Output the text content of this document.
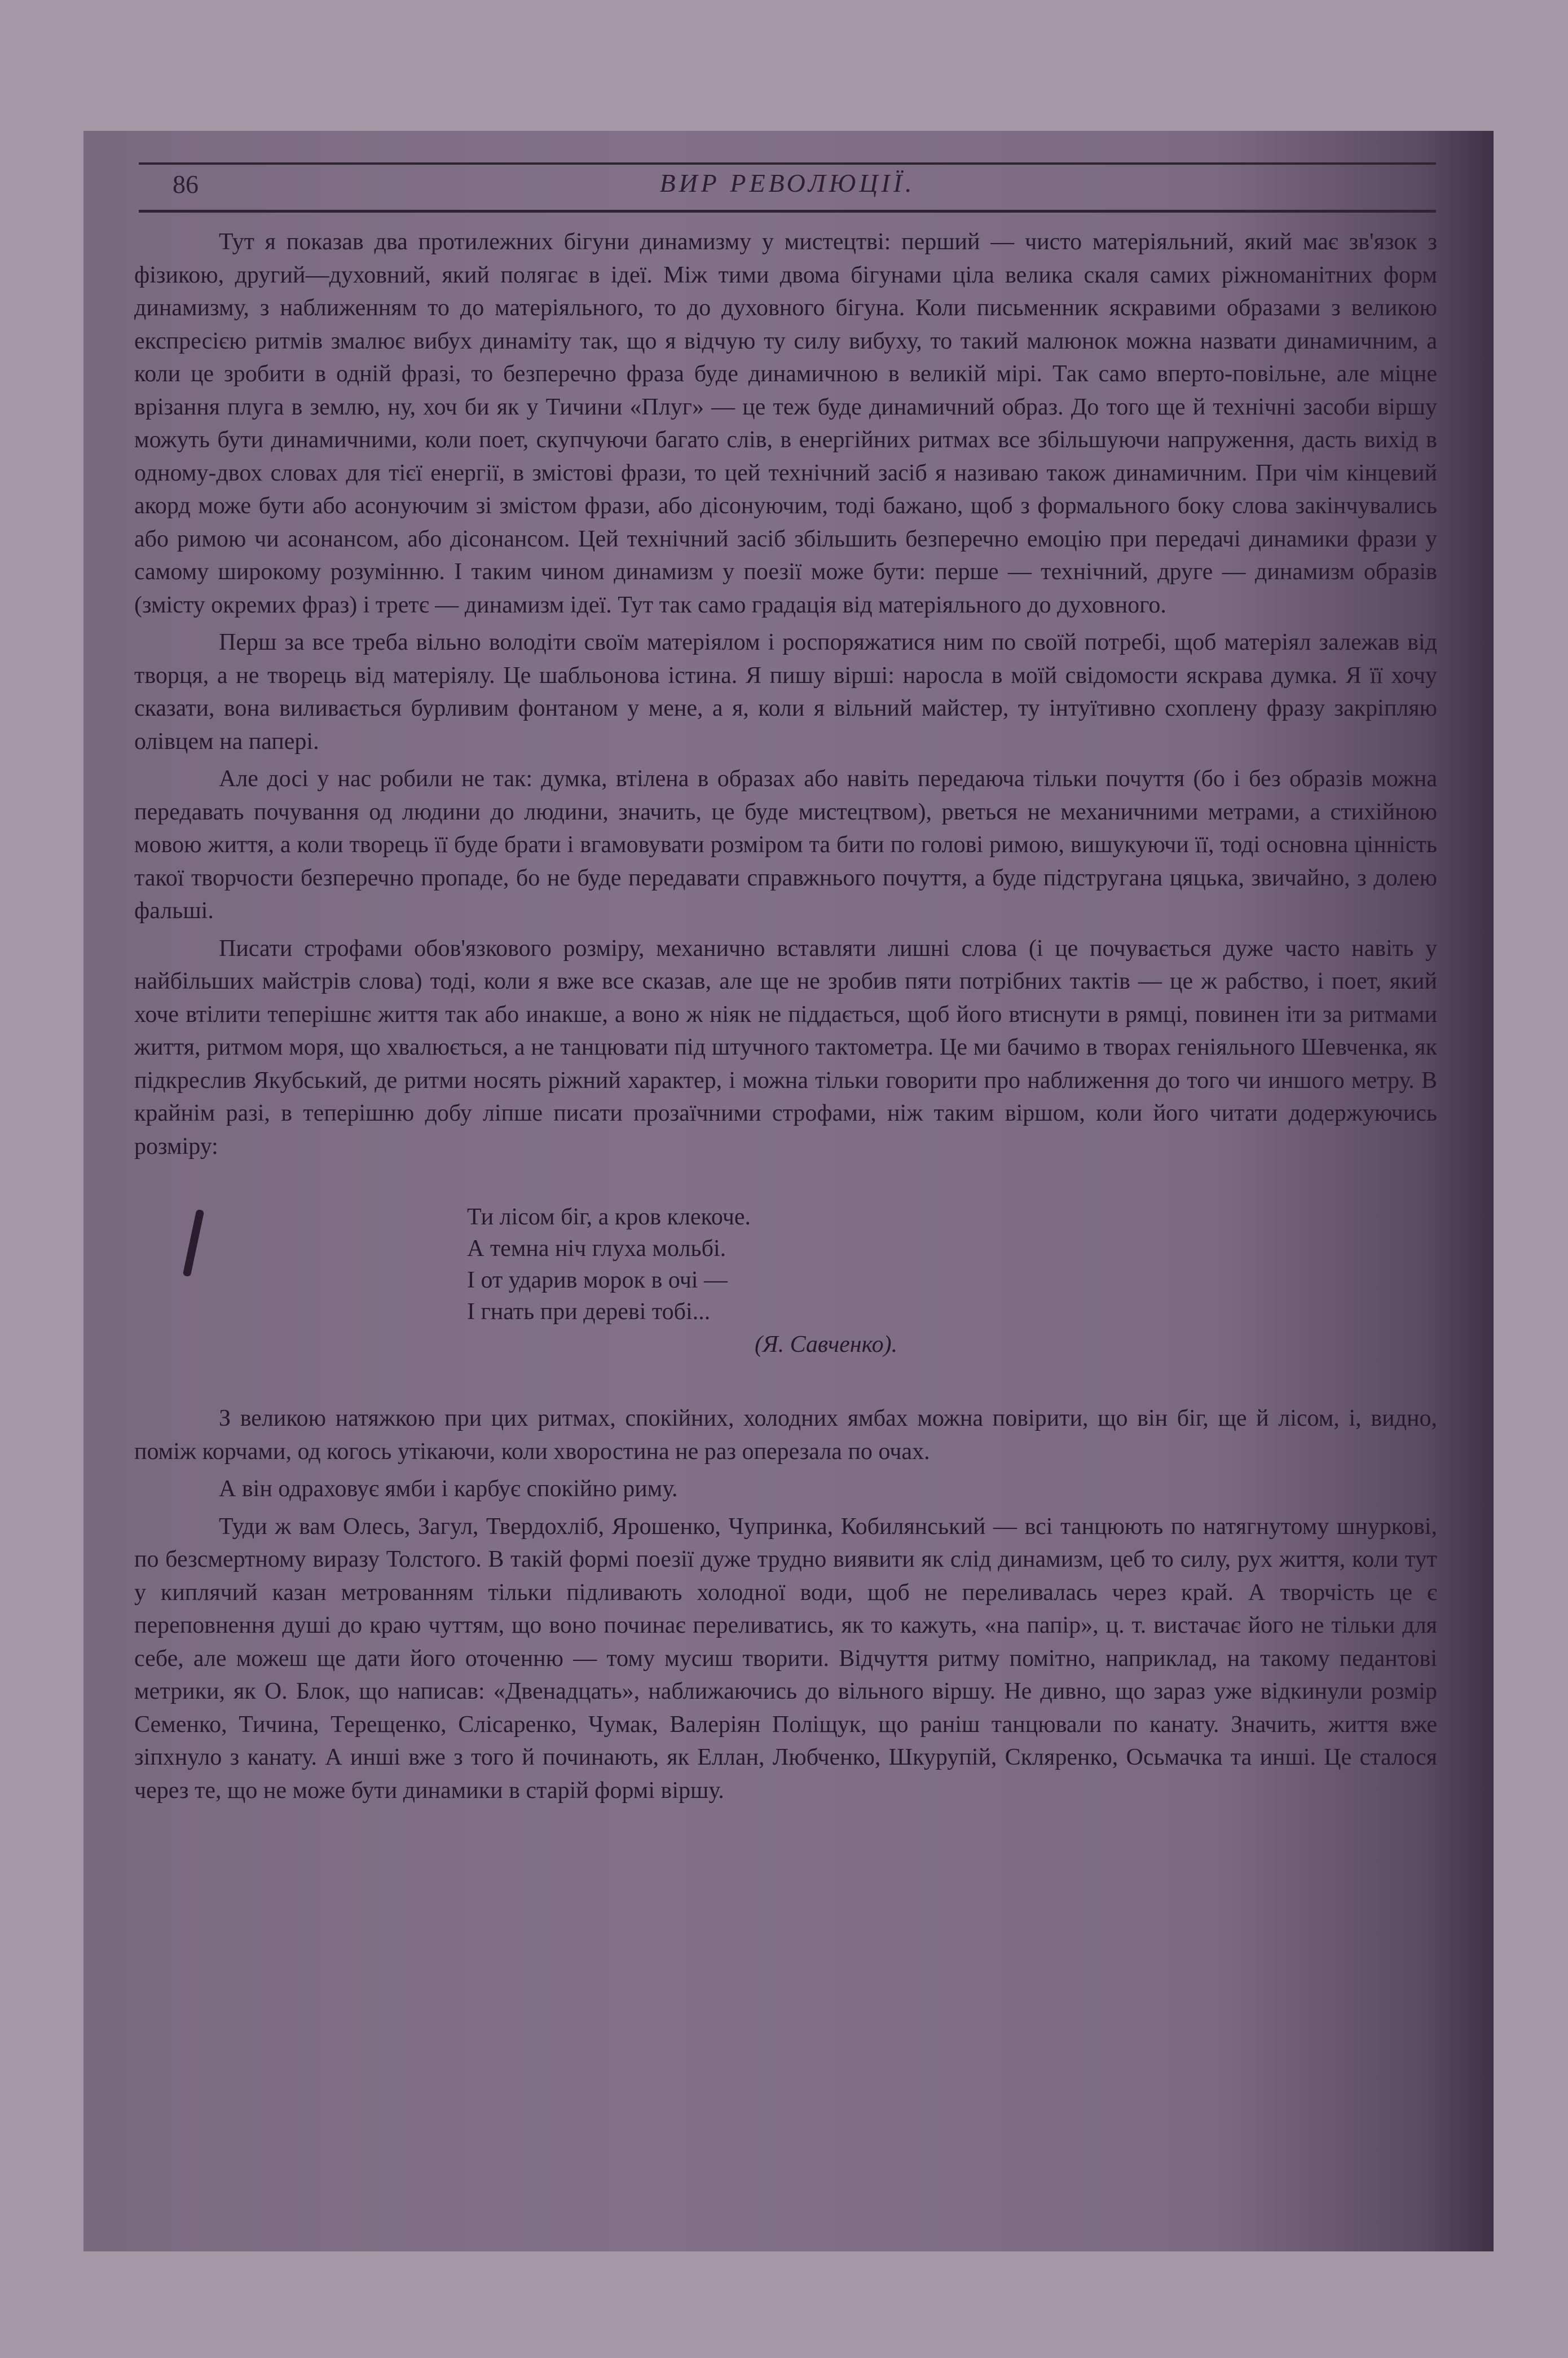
86	ВИР РЕВОЛЮЦІЇ.

Тут я показав два протилежних бігуни динамизму у мистецтві: перший — чисто матеріяльний, який має зв'язок з фізикою, другий—духовний, який полягає в ідеї. Між тими двома бігунами ціла велика скаля самих ріжноманітних форм динамизму, з наближенням то до матеріяльного, то до духовного бігуна. Коли письменник яскравими образами з великою експресією ритмів змалює вибух динаміту так, що я відчую ту силу вибуху, то такий малюнок можна назвати динамичним, а коли це зробити в одній фразі, то безперечно фраза буде динамичною в великій мірі. Так само вперто-повільне, але міцне врізання плуга в землю, ну, хоч би як у Тичини «Плуг» — це теж буде динамичний образ. До того ще й технічні засоби віршу можуть бути динамичними, коли поет, скупчуючи багато слів, в енергійних ритмах все збільшуючи напруження, дасть вихід в одному-двох словах для тієї енергії, в змістові фрази, то цей технічний засіб я називаю також динамичним. При чім кінцевий акорд може бути або асонуючим зі змістом фрази, або дісонуючим, тоді бажано, щоб з формального боку слова закінчувались або римою чи асонансом, або дісонансом. Цей технічний засіб збільшить безперечно емоцію при передачі динамики фрази у самому широкому розумінню. І таким чином динамизм у поезії може бути: перше — технічний, друге — динамизм образів (змісту окремих фраз) і третє — динамизм ідеї. Тут так само градація від матеріяльного до духовного.

Перш за все треба вільно володіти своїм матеріялом і роспоряжатися ним по своїй потребі, щоб матеріял залежав від творця, а не творець від матеріялу. Це шабльонова істина. Я пишу вірші: наросла в моїй свідомости яскрава думка. Я її хочу сказати, вона виливається бурливим фонтаном у мене, а я, коли я вільний майстер, ту інтуїтивно схоплену фразу закріпляю олівцем на папері.

Але досі у нас робили не так: думка, втілена в образах або навіть передаюча тільки почуття (бо і без образів можна передавать почування од людини до людини, значить, це буде мистецтвом), рветься не механичними метрами, а стихійною мовою життя, а коли творець її буде брати і вгамовувати розміром та бити по голові римою, вишукуючи її, тоді основна цінність такої творчости безперечно пропаде, бо не буде передавати справжнього почуття, а буде підстругана цяцька, звичайно, з долею фальші.

Писати строфами обов'язкового розміру, механично вставляти лишні слова (і це почувається дуже часто навіть у найбільших майстрів слова) тоді, коли я вже все сказав, але ще не зробив пяти потрібних тактів — це ж рабство, і поет, який хоче втілити теперішнє життя так або инакше, а воно ж ніяк не піддається, щоб його втиснути в рямці, повинен іти за ритмами життя, ритмом моря, що хвалюється, а не танцювати під штучного тактометра. Це ми бачимо в творах геніяльного Шевченка, як підкреслив Якубський, де ритми носять ріжний характер, і можна тільки говорити про наближення до того чи иншого метру. В крайнім разі, в теперішню добу ліпше писати прозаїчними строфами, ніж таким віршом, коли його читати додержуючись розміру:

Ти лісом біг, а кров клекоче.
А темна ніч глуха мольбі.
І от ударив морок в очі —
І гнать при дереві тобі...
(Я. Савченко).

З великою натяжкою при цих ритмах, спокійних, холодних ямбах можна повірити, що він біг, ще й лісом, і, видно, поміж корчами, од когось утікаючи, коли хворостина не раз оперезала по очах.

А він одраховує ямби і карбує спокійно риму.

Туди ж вам Олесь, Загул, Твердохліб, Ярошенко, Чупринка, Кобилянський — всі танцюють по натягнутому шнуркові, по безсмертному виразу Толстого. В такій формі поезії дуже трудно виявити як слід динамизм, цеб то силу, рух життя, коли тут у киплячий казан метрованням тільки підливають холодної води, щоб не переливалась через край. А творчість це є переповнення душі до краю чуттям, що воно починає переливатись, як то кажуть, «на папір», ц. т. вистачає його не тільки для себе, але можеш ще дати його оточенню — тому мусиш творити. Відчуття ритму помітно, наприклад, на такому педантові метрики, як О. Блок, що написав: «Двенадцать», наближаючись до вільного віршу. Не дивно, що зараз уже відкинули розмір Семенко, Тичина, Терещенко, Слісаренко, Чумак, Валеріян Поліщук, що раніш танцювали по канату. Значить, життя вже зіпхнуло з канату. А инші вже з того й починають, як Еллан, Любченко, Шкурупій, Скляренко, Осьмачка та инші. Це сталося через те, що не може бути динамики в старій формі віршу.
